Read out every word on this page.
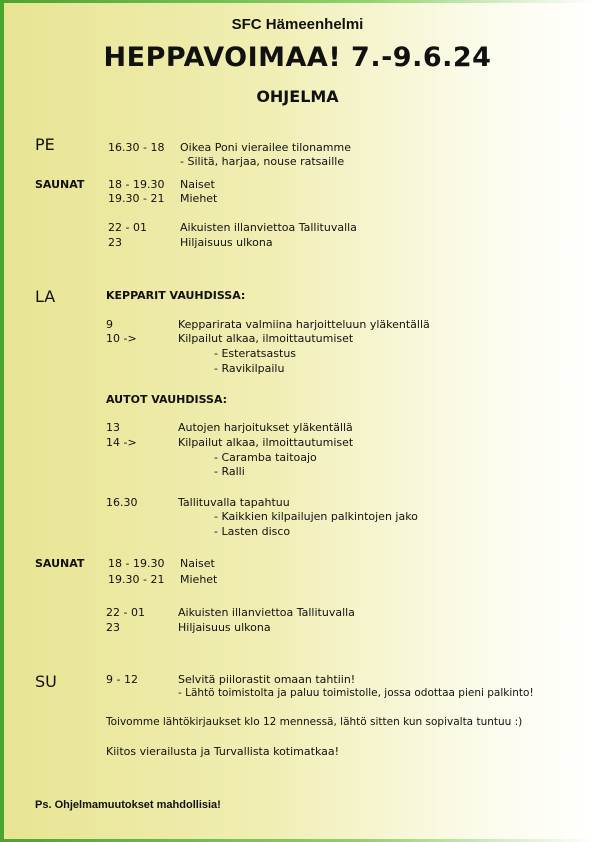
SFC Hämeenhelmi
HEPPAVOIMAA! 7.-9.6.24
OHJELMA
PE	16.30 - 18 Oikea Poni vierailee tilonamme
- Silitä, harjaa, nouse ratsaille
SAUNAT 18 - 19.30 Naiset
19.30 - 21 Miehet
22 - 01	Aikuisten illanviettoa Tallituvalla
23	Hiljaisuus ulkona
LA	KEPPARIT VAUHDISSA:
9	Kepparirata valmiina harjoitteluun yläkentällä
10 ->	Kilpailut alkaa, ilmoittautumiset
- Esteratsastus
- Ravikilpailu
AUTOT VAUHDISSA:
13	Autojen harjoitukset yläkentällä
14 ->	Kilpailut alkaa, ilmoittautumiset
- Caramba taitoajo
- Ralli
16.30	Tallituvalla tapahtuu
- Kaikkien kilpailujen palkintojen jako
- Lasten disco
SAUNAT 18 - 19.30 Naiset
19.30 - 21 Miehet
22 - 01	Aikuisten illanviettoa Tallituvalla
23	Hiljaisuus ulkona
SU	9 - 12	Selvitä piilorastit omaan tahtiin!
- Lähtö toimistolta ja paluu toimistolle, jossa odottaa pieni palkinto!
Toivomme lähtökirjaukset klo 12 mennessä, lähtö sitten kun sopivalta tuntuu :)
Kiitos vierailusta ja Turvallista kotimatkaa!
Ps. Ohjelmamuutokset mahdollisia!
